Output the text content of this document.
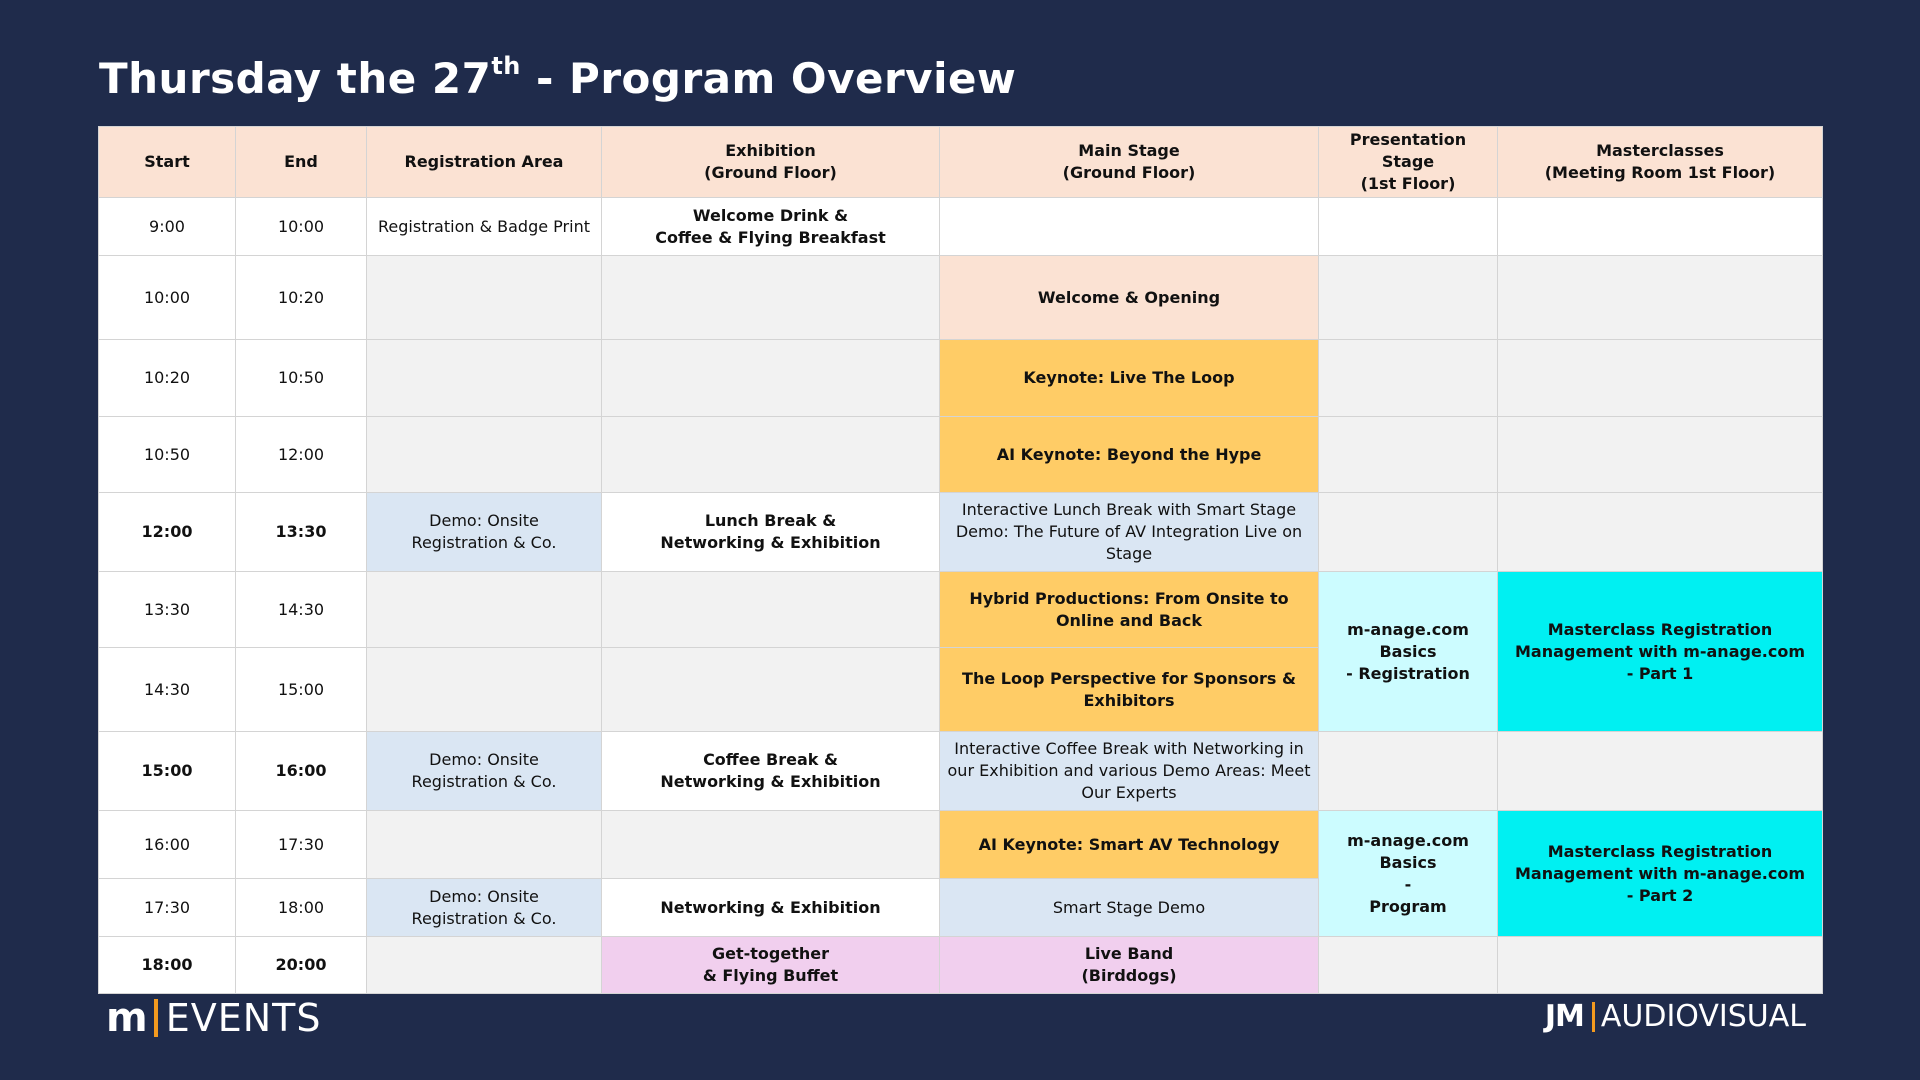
Thursday the 27th - Program Overview
Start	End	Registration Area	Exhibition
(Ground Floor)	Main Stage
(Ground Floor)	Presentation Stage
(1st Floor)	Masterclasses
(Meeting Room 1st Floor)
9:00	10:00	Registration & Badge Print	Welcome Drink &
Coffee & Flying Breakfast			
10:00	10:20			Welcome & Opening		
10:20	10:50			Keynote: Live The Loop		
10:50	12:00			AI Keynote: Beyond the Hype		
12:00	13:30	Demo: Onsite
Registration & Co.	Lunch Break &
Networking & Exhibition	Interactive Lunch Break with Smart Stage Demo: The Future of AV Integration Live on Stage		
13:30	14:30			Hybrid Productions: From Onsite to Online and Back	m-anage.com Basics
- Registration	Masterclass Registration Management with m-anage.com
- Part 1
14:30	15:00			The Loop Perspective for Sponsors & Exhibitors		
15:00	16:00	Demo: Onsite
Registration & Co.	Coffee Break &
Networking & Exhibition	Interactive Coffee Break with Networking in our Exhibition and various Demo Areas: Meet Our Experts		
16:00	17:30			AI Keynote: Smart AV Technology	m-anage.com Basics
-
Program	Masterclass Registration Management with m-anage.com
- Part 2
17:30	18:00	Demo: Onsite
Registration & Co.	Networking & Exhibition	Smart Stage Demo		
18:00	20:00		Get-together
& Flying Buffet	Live Band
(Birddogs)		
m EVENTS	JM AUDIOVISUAL
